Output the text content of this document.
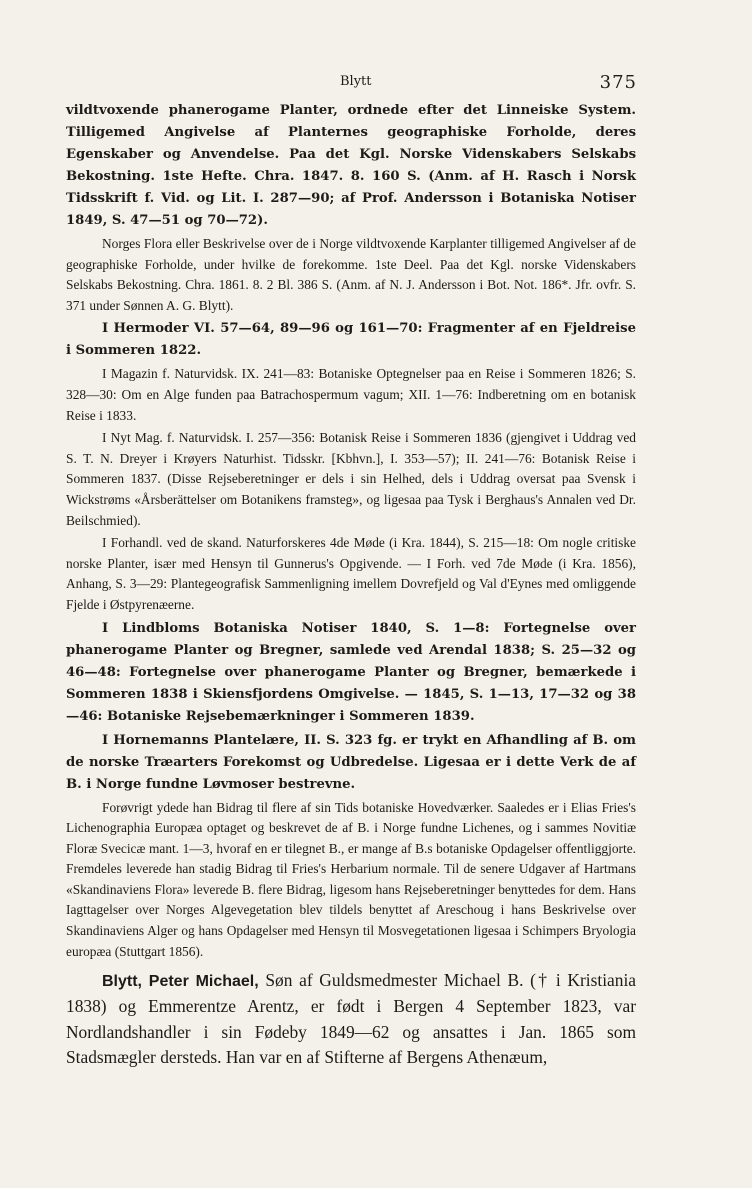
Blytt	375

vildtvoxende phanerogame Planter, ordnede efter det Linneiske System. Tilligemed Angivelse af Planternes geographiske Forholde, deres Egenskaber og Anvendelse. Paa det Kgl. Norske Videnskabers Selskabs Bekostning. 1ste Hefte. Chra. 1847. 8. 160 S. (Anm. af H. Rasch i Norsk Tidsskrift f. Vid. og Lit. I. 287—90; af Prof. Andersson i Botaniska Notiser 1849, S. 47—51 og 70—72).

Norges Flora eller Beskrivelse over de i Norge vildtvoxende Karplanter tilligemed Angivelser af de geographiske Forholde, under hvilke de forekomme. 1ste Deel. Paa det Kgl. norske Videnskabers Selskabs Bekostning. Chra. 1861. 8. 2 Bl. 386 S. (Anm. af N. J. Andersson i Bot. Not. 186*. Jfr. ovfr. S. 371 under Sønnen A. G. Blytt).

I Hermoder VI. 57—64, 89—96 og 161—70: Fragmenter af en Fjeldreise i Sommeren 1822.

I Magazin f. Naturvidsk. IX. 241—83: Botaniske Optegnelser paa en Reise i Sommeren 1826; S. 328—30: Om en Alge funden paa Batrachospermum vagum; XII. 1—76: Indberetning om en botanisk Reise i 1833.

I Nyt Mag. f. Naturvidsk. I. 257—356: Botanisk Reise i Sommeren 1836 (gjengivet i Uddrag ved S. T. N. Dreyer i Krøyers Naturhist. Tidsskr. [Kbhvn.], I. 353—57); II. 241—76: Botanisk Reise i Sommeren 1837. (Disse Rejseberetninger er dels i sin Helhed, dels i Uddrag oversat paa Svensk i Wickstrøms «Årsberättelser om Botanikens framsteg», og ligesaa paa Tysk i Berghaus's Annalen ved Dr. Beilschmied).

I Forhandl. ved de skand. Naturforskeres 4de Møde (i Kra. 1844), S. 215—18: Om nogle critiske norske Planter, især med Hensyn til Gunnerus's Opgivende. — I Forh. ved 7de Møde (i Kra. 1856), Anhang, S. 3—29: Plantegeografisk Sammenligning imellem Dovrefjeld og Val d'Eynes med omliggende Fjelde i Østpyrenæerne.

I Lindbloms Botaniska Notiser 1840, S. 1—8: Fortegnelse over phanerogame Planter og Bregner, samlede ved Arendal 1838; S. 25—32 og 46—48: Fortegnelse over phanerogame Planter og Bregner, bemærkede i Sommeren 1838 i Skiensfjordens Omgivelse. — 1845, S. 1—13, 17—32 og 38—46: Botaniske Rejsebemærkninger i Sommeren 1839.

I Hornemanns Plantelære, II. S. 323 fg. er trykt en Afhandling af B. om de norske Træarters Forekomst og Udbredelse. Ligesaa er i dette Verk de af B. i Norge fundne Løvmoser bestrevne.

Forøvrigt ydede han Bidrag til flere af sin Tids botaniske Hovedværker. Saaledes er i Elias Fries's Lichenographia Europæa optaget og beskrevet de af B. i Norge fundne Lichenes, og i sammes Novitiæ Floræ Svecicæ mant. 1—3, hvoraf en er tilegnet B., er mange af B.s botaniske Opdagelser offentliggjorte. Fremdeles leverede han stadig Bidrag til Fries's Herbarium normale. Til de senere Udgaver af Hartmans «Skandinaviens Flora» leverede B. flere Bidrag, ligesom hans Rejseberetninger benyttedes for dem. Hans Iagttagelser over Norges Algevegetation blev tildels benyttet af Areschoug i hans Beskrivelse over Skandinaviens Alger og hans Opdagelser med Hensyn til Mosvegetationen ligesaa i Schimpers Bryologia europæa (Stuttgart 1856).

Blytt, Peter Michael, Søn af Guldsmedmester Michael B. († i Kristiania 1838) og Emmerentze Arentz, er født i Bergen 4 September 1823, var Nordlandshandler i sin Fødeby 1849—62 og ansattes i Jan. 1865 som Stadsmægler dersteds. Han var en af Stifterne af Bergens Athenæum,
